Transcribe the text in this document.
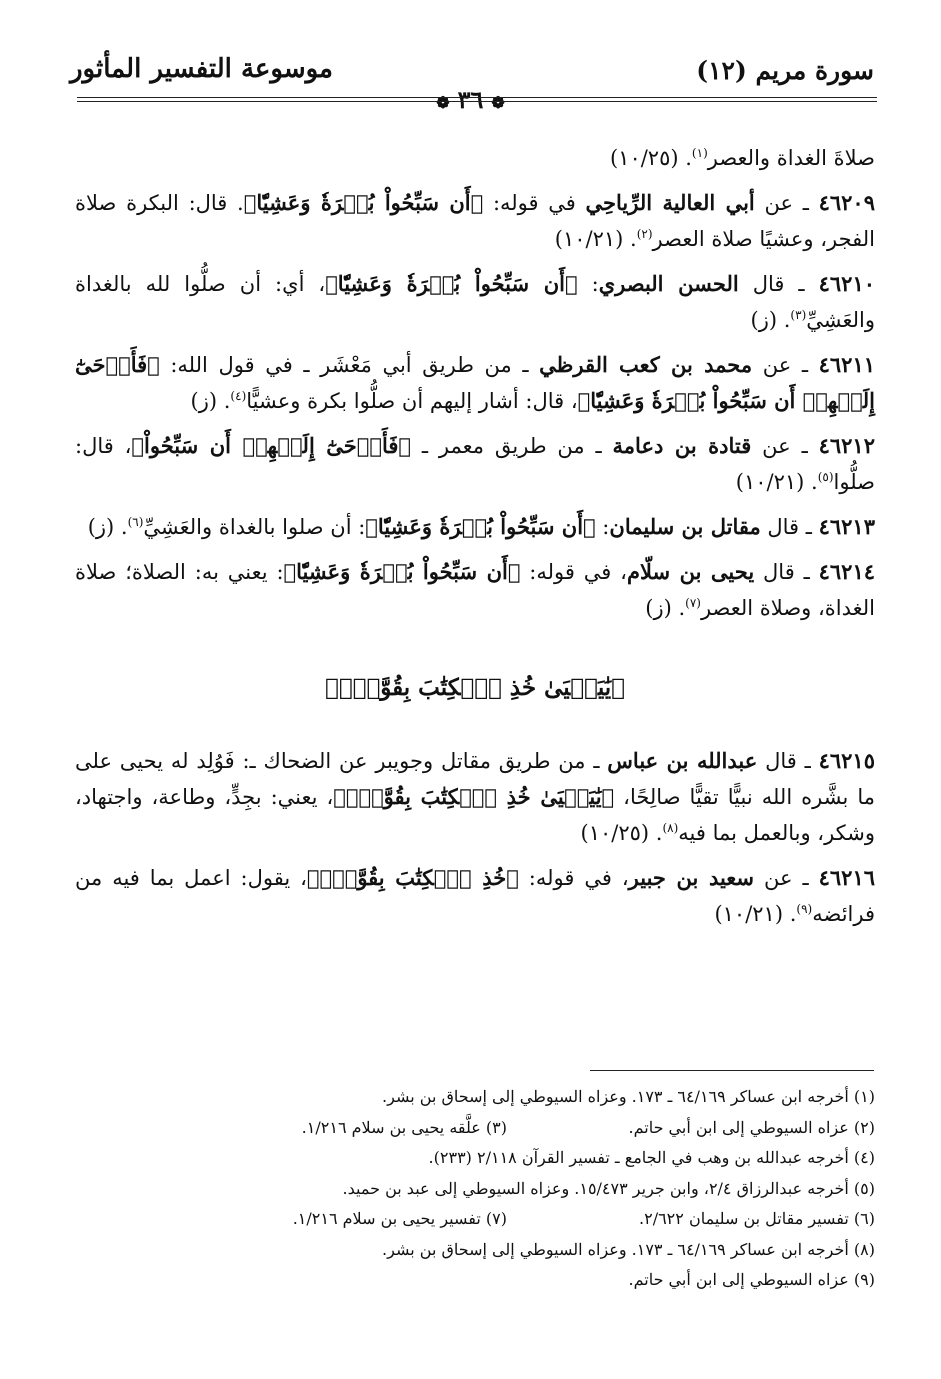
سورة مريم (١٢)
موسوعة التفسير المأثور
❁٣٦❁

صلاةَ الغداة والعصر$^{(١)}$. (١٠/٢٥)

٤٦٢٠٩ ـ عن أبي العالية الرِّياحِي في قوله: ﴿أَن سَبِّحُواْ بُكۡرَةٗ وَعَشِيّٗا﴾. قال: البكرة صلاة الفجر، وعشيًا صلاة العصر$^{(٢)}$. (١٠/٢١)

٤٦٢١٠ ـ قال الحسن البصري: ﴿أَن سَبِّحُواْ بُكۡرَةٗ وَعَشِيّٗا﴾، أي: أن صلُّوا لله بالغداة والعَشِيِّ$^{(٣)}$. (ز)

٤٦٢١١ ـ عن محمد بن كعب القرظي ـ من طريق أبي مَعْشَر ـ في قول الله: ﴿فَأَوۡحَىٰٓ إِلَيۡهِمۡ أَن سَبِّحُواْ بُكۡرَةٗ وَعَشِيّٗا﴾، قال: أشار إليهم أن صلُّوا بكرة وعشيًّا$^{(٤)}$. (ز)

٤٦٢١٢ ـ عن قتادة بن دعامة ـ من طريق معمر ـ ﴿فَأَوۡحَىٰٓ إِلَيۡهِمۡ أَن سَبِّحُواْ﴾، قال: صلُّوا$^{(٥)}$. (١٠/٢١)

٤٦٢١٣ ـ قال مقاتل بن سليمان: ﴿أَن سَبِّحُواْ بُكۡرَةٗ وَعَشِيّٗا﴾: أن صلوا بالغداة والعَشِيِّ$^{(٦)}$. (ز)

٤٦٢١٤ ـ قال يحيى بن سلّام، في قوله: ﴿أَن سَبِّحُواْ بُكۡرَةٗ وَعَشِيّٗا﴾: يعني به: الصلاة؛ صلاة الغداة، وصلاة العصر$^{(٧)}$. (ز)

﴿يَٰيَحۡيَىٰ خُذِ ٱلۡكِتَٰبَ بِقُوَّةٖۖ﴾

٤٦٢١٥ ـ قال عبدالله بن عباس ـ من طريق مقاتل وجويبر عن الضحاك ـ: فَوُلِد له يحيى على ما بشَّره الله نبيًّا تقيًّا صالِحًا، ﴿يَٰيَحۡيَىٰ خُذِ ٱلۡكِتَٰبَ بِقُوَّةٖۖ﴾، يعني: بجِدٍّ، وطاعة، واجتهاد، وشكر، وبالعمل بما فيه$^{(٨)}$. (١٠/٢٥)

٤٦٢١٦ ـ عن سعيد بن جبير، في قوله: ﴿خُذِ ٱلۡكِتَٰبَ بِقُوَّةٖۖ﴾، يقول: اعمل بما فيه من فرائضه$^{(٩)}$. (١٠/٢١)

(١) أخرجه ابن عساكر ٦٤/١٦٩ ـ ١٧٣. وعزاه السيوطي إلى إسحاق بن بشر.
(٢) عزاه السيوطي إلى ابن أبي حاتم.(٣) علَّقه يحيى بن سلام ١/٢١٦.
(٤) أخرجه عبدالله بن وهب في الجامع ـ تفسير القرآن ٢/١١٨ (٢٣٣).
(٥) أخرجه عبدالرزاق ٢/٤، وابن جرير ١٥/٤٧٣. وعزاه السيوطي إلى عبد بن حميد.
(٦) تفسير مقاتل بن سليمان ٢/٦٢٢.(٧) تفسير يحيى بن سلام ١/٢١٦.
(٨) أخرجه ابن عساكر ٦٤/١٦٩ ـ ١٧٣. وعزاه السيوطي إلى إسحاق بن بشر.
(٩) عزاه السيوطي إلى ابن أبي حاتم.
